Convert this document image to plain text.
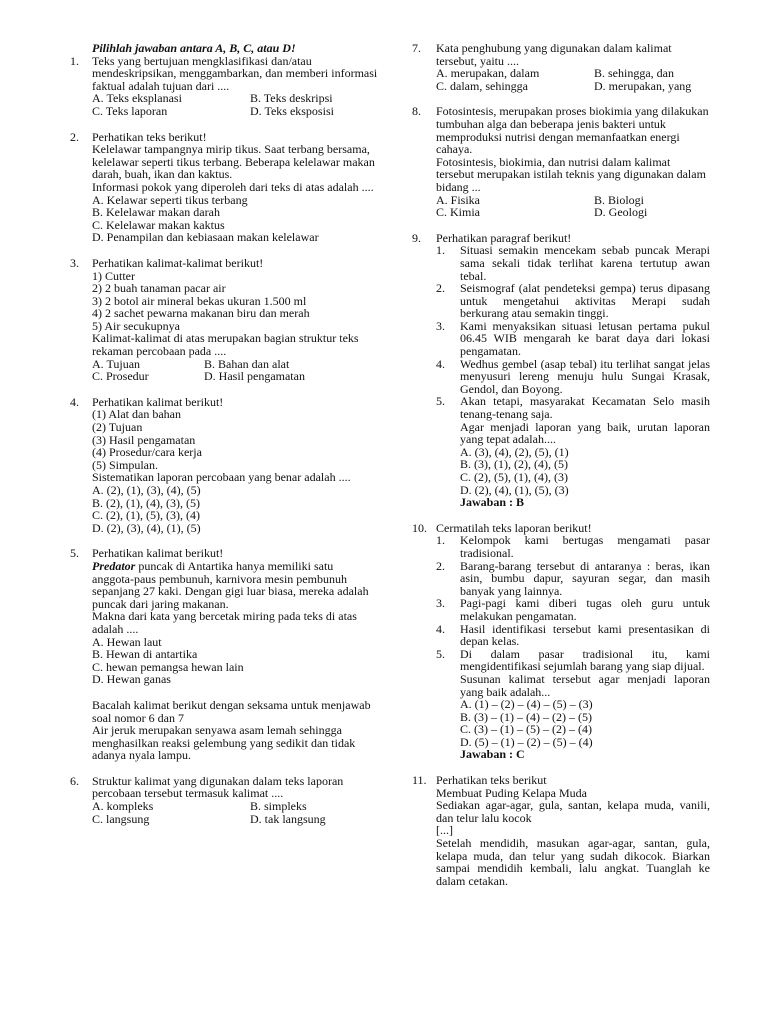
Pilihlah jawaban antara A, B, C, atau D!
1. Teks yang bertujuan mengklasifikasi dan/atau mendeskripsikan, menggambarkan, dan memberi informasi faktual adalah tujuan dari ....

A. Teks eksplanasi	B. Teks deskripsi
C. Teks laporan	D. Teks eksposisi
2. Perhatikan teks berikut!

Kelelawar tampangnya mirip tikus. Saat terbang bersama, kelelawar seperti tikus terbang. Beberapa kelelawar makan darah, buah, ikan dan kaktus.

Informasi pokok yang diperoleh dari teks di atas adalah ....

A. Kelawar seperti tikus terbang
B. Kelelawar makan darah
C. Kelelawar makan kaktus
D. Penampilan dan kebiasaan makan kelelawar
3. Perhatikan kalimat-kalimat berikut!

1) Cutter
2) 2 buah tanaman pacar air
3) 2 botol air mineral bekas ukuran 1.500 ml
4) 2 sachet pewarna makanan biru dan merah
5) Air secukupnya

Kalimat-kalimat di atas merupakan bagian struktur teks rekaman percobaan pada ....

A. Tujuan	B. Bahan dan alat
C. Prosedur	D. Hasil pengamatan
4. Perhatikan kalimat berikut!

(1) Alat dan bahan
(2) Tujuan
(3) Hasil pengamatan
(4) Prosedur/cara kerja
(5) Simpulan.

Sistematikan laporan percobaan yang benar adalah ....

A. (2), (1), (3), (4), (5)
B. (2), (1), (4), (3), (5)
C. (2), (1), (5), (3), (4)
D. (2), (3), (4), (1), (5)
5. Perhatikan kalimat berikut!

Predator puncak di Antartika hanya memiliki satu anggota-paus pembunuh, karnivora mesin pembunuh sepanjang 27 kaki. Dengan gigi luar biasa, mereka adalah puncak dari jaring makanan.

Makna dari kata yang bercetak miring pada teks di atas adalah ....

A. Hewan laut
B. Hewan di antartika
C. hewan pemangsa hewan lain
D. Hewan ganas

Bacalah kalimat berikut dengan seksama untuk menjawab soal nomor 6 dan 7

Air jeruk merupakan senyawa asam lemah sehingga menghasilkan reaksi gelembung yang sedikit dan tidak adanya nyala lampu.

6. Struktur kalimat yang digunakan dalam teks laporan percobaan tersebut termasuk kalimat ....

A. kompleks	B. simpleks
C. langsung	D. tak langsung
7. Kata penghubung yang digunakan dalam kalimat tersebut, yaitu ....

A. merupakan, dalam	B. sehingga, dan
C. dalam, sehingga	D. merupakan, yang
8. Fotosintesis, merupakan proses biokimia yang dilakukan tumbuhan alga dan beberapa jenis bakteri untuk memproduksi nutrisi dengan memanfaatkan energi cahaya.

Fotosintesis, biokimia, dan nutrisi dalam kalimat tersebut merupakan istilah teknis yang digunakan dalam bidang ...

A. Fisika	B. Biologi
C. Kimia	D. Geologi
9. Perhatikan paragraf berikut!

1. Situasi semakin mencekam sebab puncak Merapi sama sekali tidak terlihat karena tertutup awan tebal.
2. Seismograf (alat pendeteksi gempa) terus dipasang untuk mengetahui aktivitas Merapi sudah berkurang atau semakin tinggi.
3. Kami menyaksikan situasi letusan pertama pukul 06.45 WIB mengarah ke barat daya dari lokasi pengamatan.
4. Wedhus gembel (asap tebal) itu terlihat sangat jelas menyusuri lereng menuju hulu Sungai Krasak, Gendol, dan Boyong.
5. Akan tetapi, masyarakat Kecamatan Selo masih tenang-tenang saja.

Agar menjadi laporan yang baik, urutan laporan yang tepat adalah....

A. (3), (4), (2), (5), (1)
B. (3), (1), (2), (4), (5)
C. (2), (5), (1), (4), (3)
D. (2), (4), (1), (5), (3)
Jawaban : B
10. Cermatilah teks laporan berikut!

1. Kelompok kami bertugas mengamati pasar tradisional.
2. Barang-barang tersebut di antaranya : beras, ikan asin, bumbu dapur, sayuran segar, dan masih banyak yang lainnya.
3. Pagi-pagi kami diberi tugas oleh guru untuk melakukan pengamatan.
4. Hasil identifikasi tersebut kami presentasikan di depan kelas.
5. Di dalam pasar tradisional itu, kami mengidentifikasi sejumlah barang yang siap dijual.

Susunan kalimat tersebut agar menjadi laporan yang baik adalah...

A. (1) – (2) – (4) – (5) – (3)
B. (3) – (1) – (4) – (2) – (5)
C. (3) – (1) – (5) – (2) – (4)
D. (5) – (1) – (2) – (5) – (4)
Jawaban : C
11. Perhatikan teks berikut

Membuat Puding Kelapa Muda

Sediakan agar-agar, gula, santan, kelapa muda, vanili, dan telur lalu kocok

[...]

Setelah mendidih, masukan agar-agar, santan, gula, kelapa muda, dan telur yang sudah dikocok. Biarkan sampai mendidih kembali, lalu angkat. Tuanglah ke dalam cetakan.
